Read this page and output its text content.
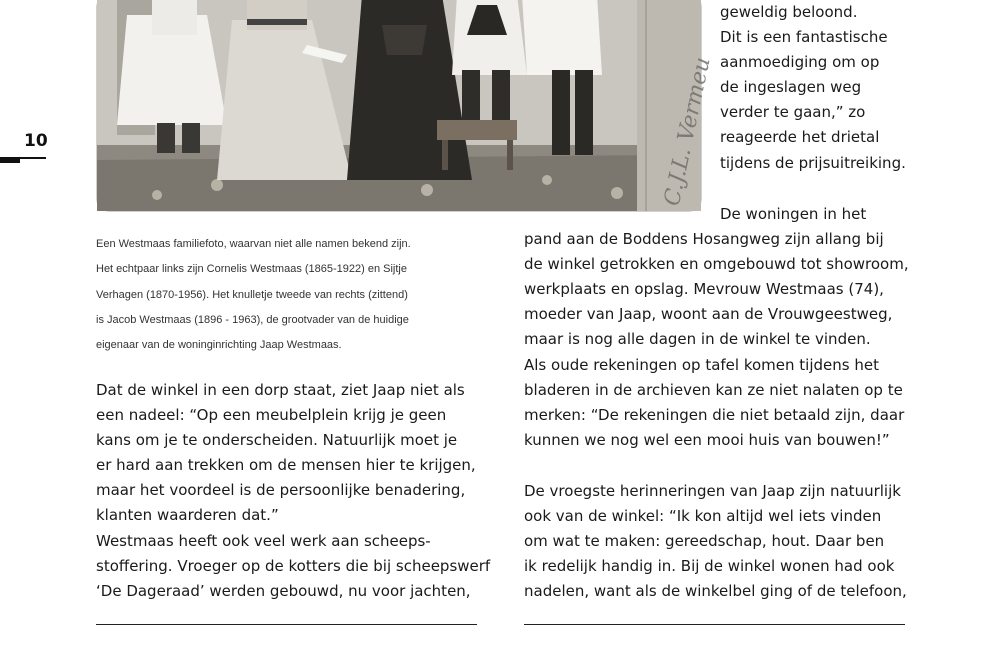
10	C.J.L. Vermeu
Een Westmaas familiefoto, waarvan niet alle namen bekend zijn.
Het echtpaar links zijn Cornelis Westmaas (1865-1922) en Sijtje
Verhagen (1870-1956). Het knulletje tweede van rechts (zittend)
is Jacob Westmaas (1896 - 1963), de grootvader van de huidige
eigenaar van de woninginrichting Jaap Westmaas.
Dat de winkel in een dorp staat, ziet Jaap niet als
een nadeel: “Op een meubelplein krijg je geen
kans om je te onderscheiden. Natuurlijk moet je
er hard aan trekken om de mensen hier te krijgen,
maar het voordeel is de persoonlijke benadering,
klanten waarderen dat.”
Westmaas heeft ook veel werk aan scheeps-
stoffering. Vroeger op de kotters die bij scheepswerf
‘De Dageraad’ werden gebouwd, nu voor jachten,
geweldig beloond.
Dit is een fantastische
aanmoediging om op
de ingeslagen weg
verder te gaan,” zo
reageerde het drietal
tijdens de prijsuitreiking.
De woningen in het
pand aan de Boddens Hosangweg zijn allang bij
de winkel getrokken en omgebouwd tot showroom,
werkplaats en opslag. Mevrouw Westmaas (74),
moeder van Jaap, woont aan de Vrouwgeestweg,
maar is nog alle dagen in de winkel te vinden.
Als oude rekeningen op tafel komen tijdens het
bladeren in de archieven kan ze niet nalaten op te
merken: “De rekeningen die niet betaald zijn, daar
kunnen we nog wel een mooi huis van bouwen!”
De vroegste herinneringen van Jaap zijn natuurlijk
ook van de winkel: “Ik kon altijd wel iets vinden
om wat te maken: gereedschap, hout. Daar ben
ik redelijk handig in. Bij de winkel wonen had ook
nadelen, want als de winkelbel ging of de telefoon,
